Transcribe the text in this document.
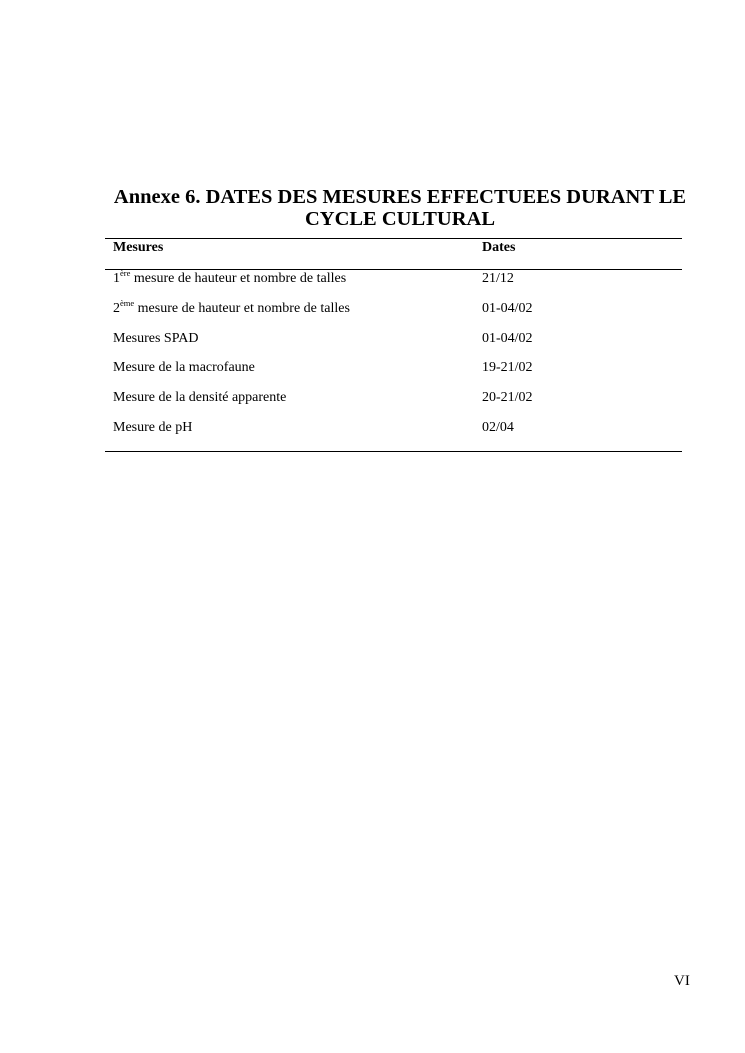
Annexe 6. DATES DES MESURES EFFECTUEES DURANT LE
CYCLE CULTURAL
Mesures	Dates
1ère mesure de hauteur et nombre de talles	21/12
2ème mesure de hauteur et nombre de talles	01-04/02
Mesures SPAD	01-04/02
Mesure de la macrofaune	19-21/02
Mesure de la densité apparente	20-21/02
Mesure de pH	02/04
VI
